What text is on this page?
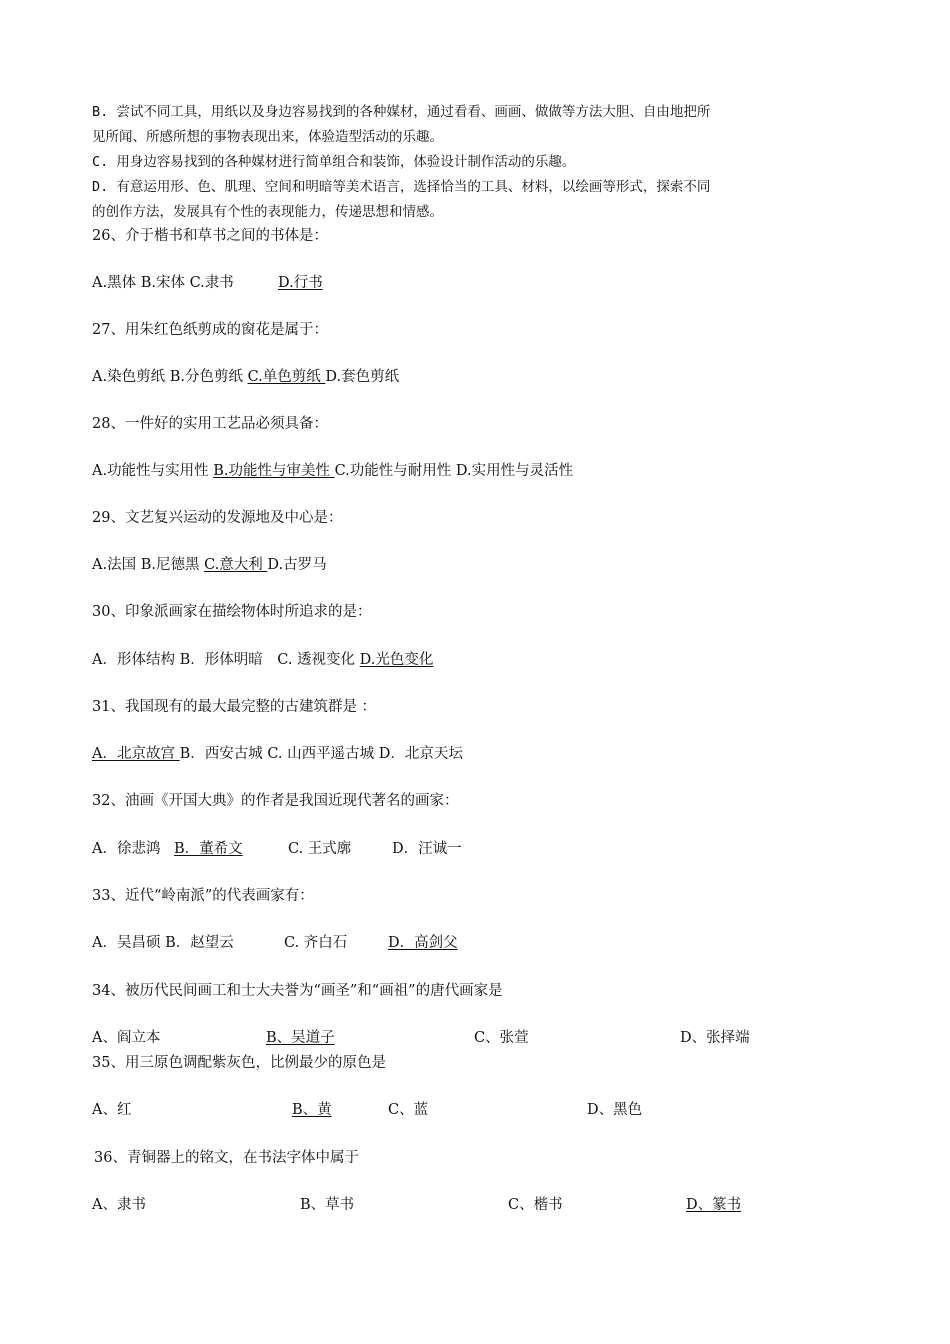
B. 尝试不同工具，用纸以及身边容易找到的各种媒材，通过看看、画画、做做等方法大胆、自由地把所
见所闻、所感所想的事物表现出来，体验造型活动的乐趣。
C. 用身边容易找到的各种媒材进行简单组合和装饰，体验设计制作活动的乐趣。
D. 有意运用形、色、肌理、空间和明暗等美术语言，选择恰当的工具、材料，以绘画等形式，探索不同
的创作方法，发展具有个性的表现能力，传递思想和情感。
26、介于楷书和草书之间的书体是：
A.黑体 B.宋体 C.隶书	D.行书
27、用朱红色纸剪成的窗花是属于：
A.染色剪纸 B.分色剪纸 C.单色剪纸 D.套色剪纸
28、一件好的实用工艺品必须具备：
A.功能性与实用性 B.功能性与审美性 C.功能性与耐用性 D.实用性与灵活性
29、文艺复兴运动的发源地及中心是：
A.法国 B.尼德黑 C.意大利 D.古罗马
30、印象派画家在描绘物体时所追求的是：
A．形体结构 B．形体明暗　C. 透视变化 D.光色变化
31、我国现有的最大最完整的古建筑群是 ：
A．北京故宫 B．西安古城 C. 山西平遥古城 D．北京天坛
32、油画《开国大典》的作者是我国近现代著名的画家：
A．徐悲鸿 B．董希文	C. 王式廓	D．汪诚一
33、近代“岭南派”的代表画家有：
A．吴昌硕 B．赵望云	C. 齐白石	D．高剑父
34、被历代民间画工和士大夫誉为“画圣”和“画祖”的唐代画家是
A、阎立本	B、吴道子	C、张萱	D、张择端
35、用三原色调配紫灰色，比例最少的原色是
A、红	B、黄	C、蓝	D、黑色
36、青铜器上的铭文，在书法字体中属于
A、隶书	B、草书	C、楷书	D、篆书
